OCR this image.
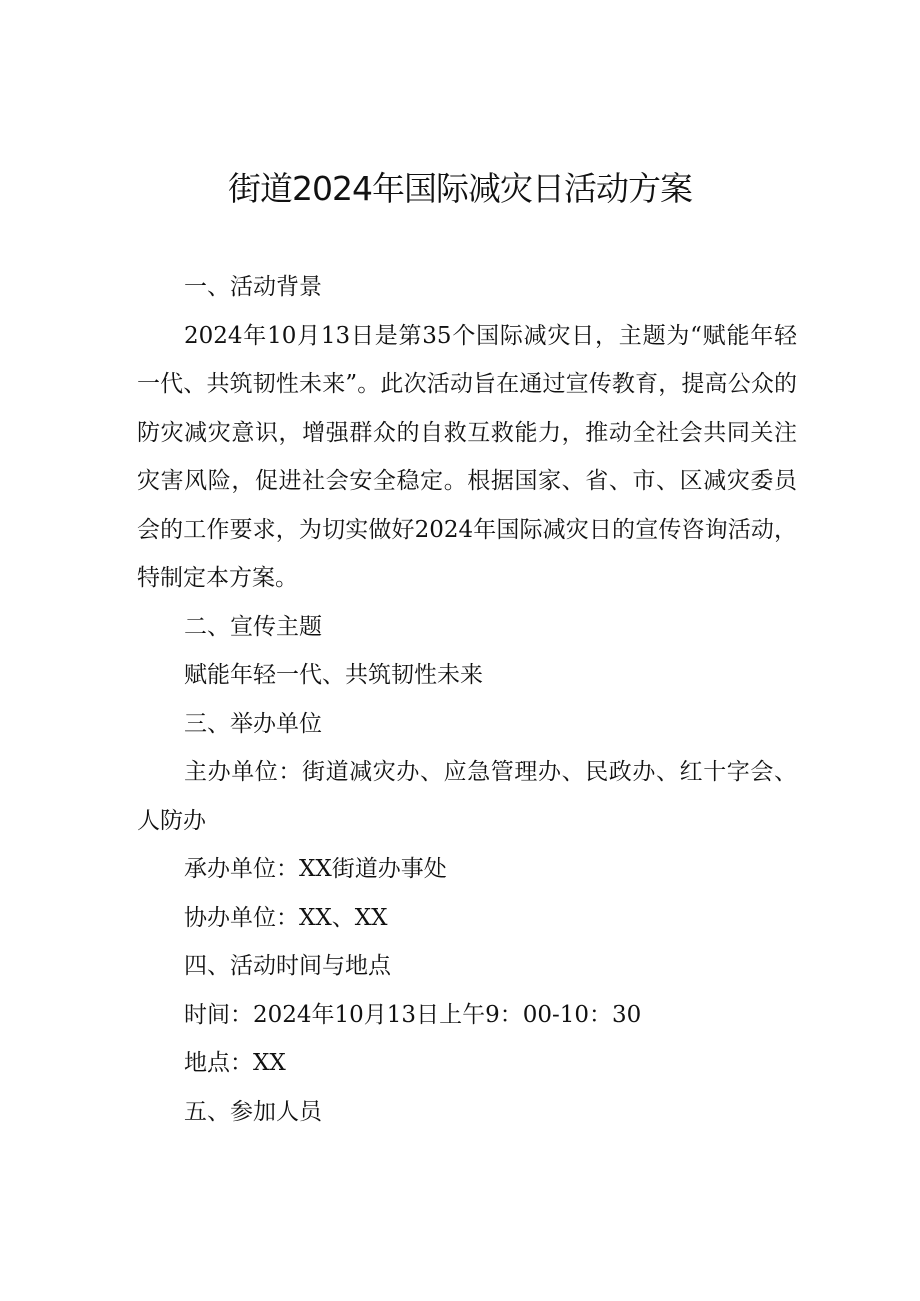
街道2024年国际减灾日活动方案

一、活动背景

2024年10月13日是第35个国际减灾日，主题为“赋能年轻一代、共筑韧性未来”。此次活动旨在通过宣传教育，提高公众的防灾减灾意识，增强群众的自救互救能力，推动全社会共同关注灾害风险，促进社会安全稳定。根据国家、省、市、区减灾委员会的工作要求，为切实做好2024年国际减灾日的宣传咨询活动，特制定本方案。

二、宣传主题

赋能年轻一代、共筑韧性未来

三、举办单位

主办单位：街道减灾办、应急管理办、民政办、红十字会、人防办

承办单位：XX街道办事处

协办单位：XX、XX

四、活动时间与地点

时间：2024年10月13日上午9：00-10：30

地点：XX

五、参加人员
